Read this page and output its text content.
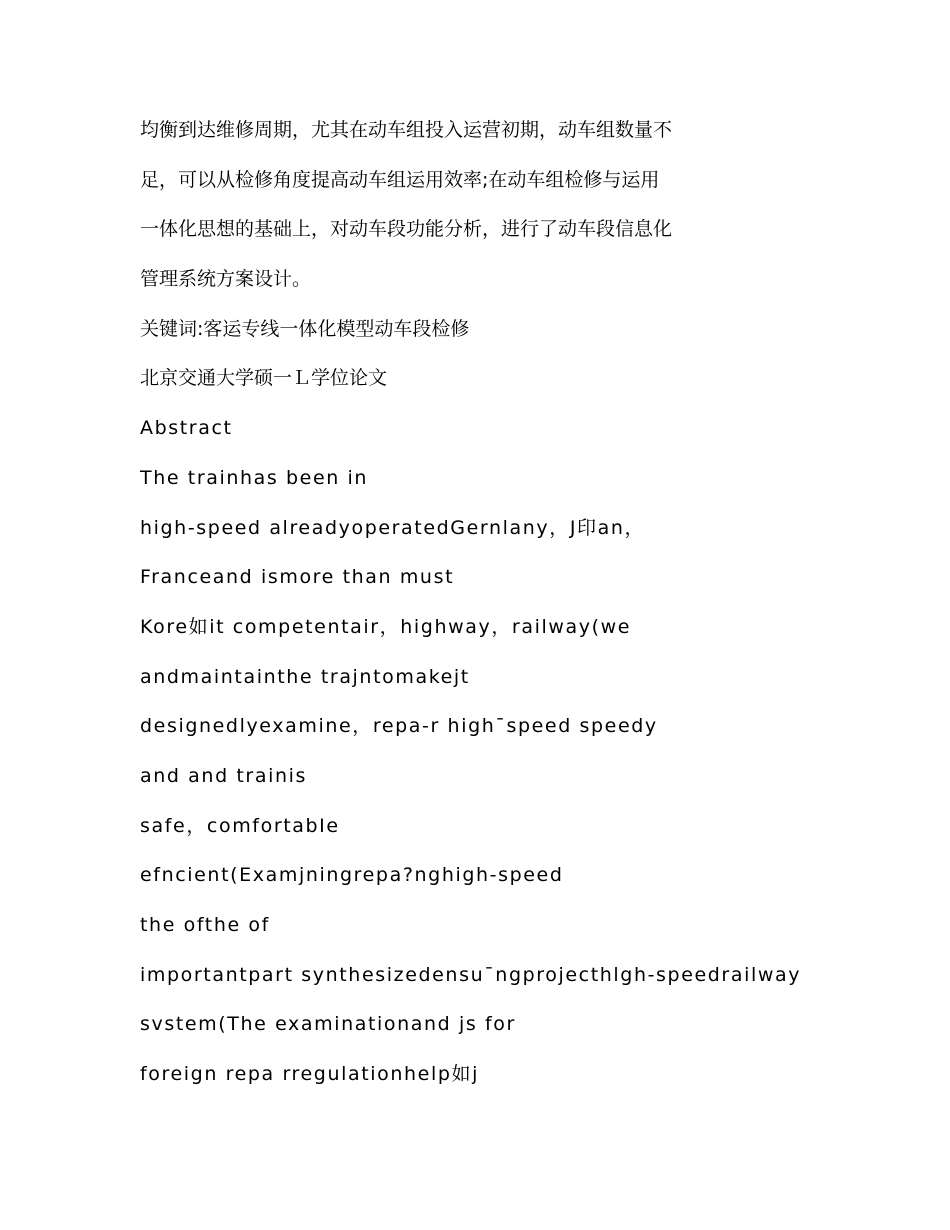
均衡到达维修周期，尤其在动车组投入运营初期，动车组数量不
足，可以从检修角度提高动车组运用效率;在动车组检修与运用
一体化思想的基础上，对动车段功能分析，进行了动车段信息化
管理系统方案设计。
关键词:客运专线一体化模型动车段检修
北京交通大学硕一Ｌ学位论文
Abstract
The trainhas been in
high-speed alreadyoperatedGernlany，J印an，
Franceand ismore than must
Kore如it competentair，highway，railway(we
andmaintainthe trajntomakejt
designedlyexamine，repa-r high¯speed speedy
and and trainis
safe，comfortabIe
efncient(Examjningrepa?nghigh-speed
the ofthe of
importantpart synthesizedensu¯ngprojecthlgh-speedrailway
svstem(The examinationand js for
foreign repa rregulationhelp如j
